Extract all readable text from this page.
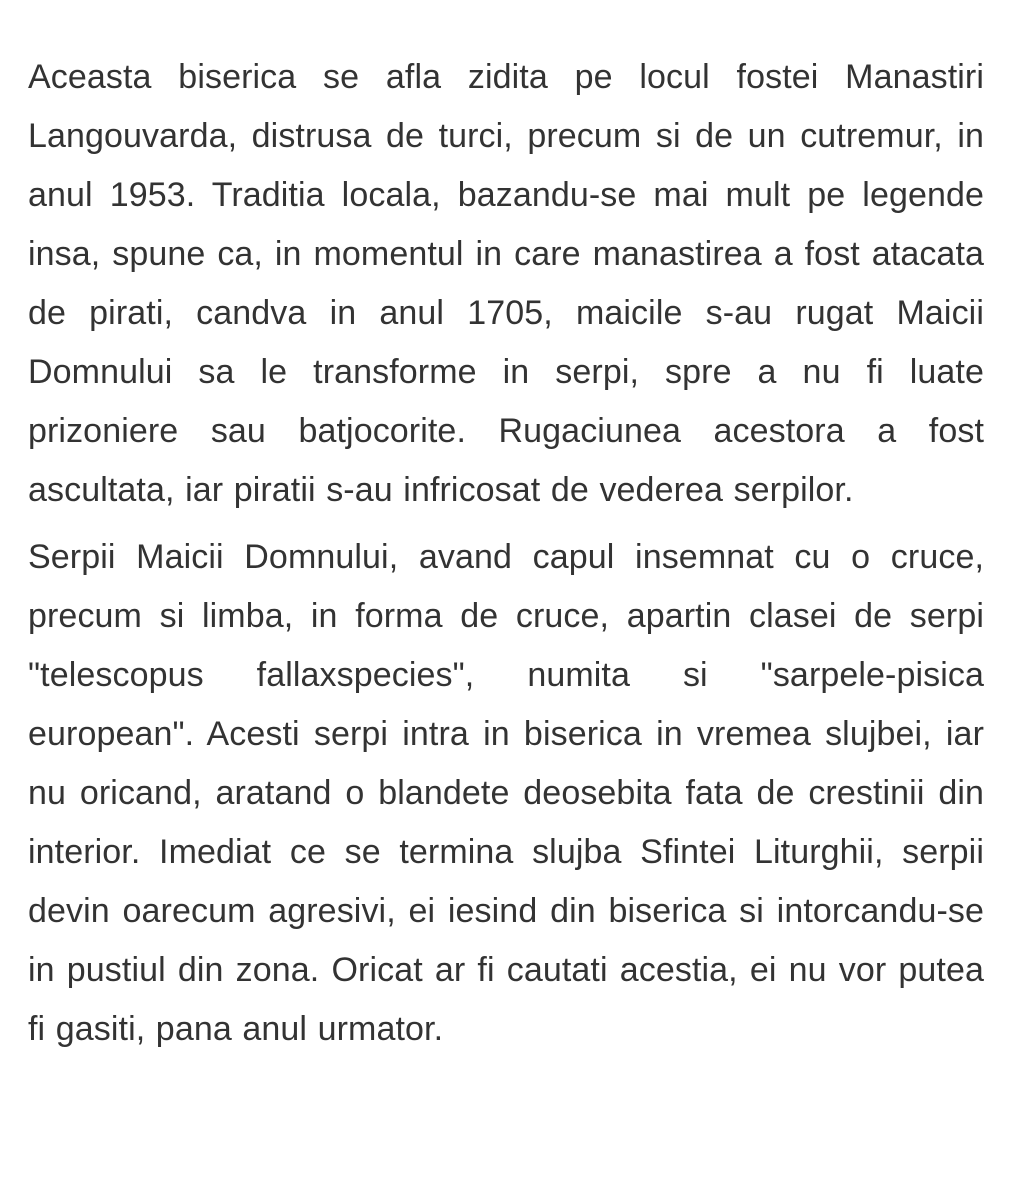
Aceasta biserica se afla zidita pe locul fostei Manastiri Langouvarda, distrusa de turci, precum si de un cutremur, in anul 1953. Traditia locala, bazandu-se mai mult pe legende insa, spune ca, in momentul in care manastirea a fost atacata de pirati, candva in anul 1705, maicile s-au rugat Maicii Domnului sa le transforme in serpi, spre a nu fi luate prizoniere sau batjocorite. Rugaciunea acestora a fost ascultata, iar piratii s-au infricosat de vederea serpilor.

Serpii Maicii Domnului, avand capul insemnat cu o cruce, precum si limba, in forma de cruce, apartin clasei de serpi "telescopus fallaxspecies", numita si "sarpele-pisica european". Acesti serpi intra in biserica in vremea slujbei, iar nu oricand, aratand o blandete deosebita fata de crestinii din interior. Imediat ce se termina slujba Sfintei Liturghii, serpii devin oarecum agresivi, ei iesind din biserica si intorcandu-se in pustiul din zona. Oricat ar fi cautati acestia, ei nu vor putea fi gasiti, pana anul urmator.
